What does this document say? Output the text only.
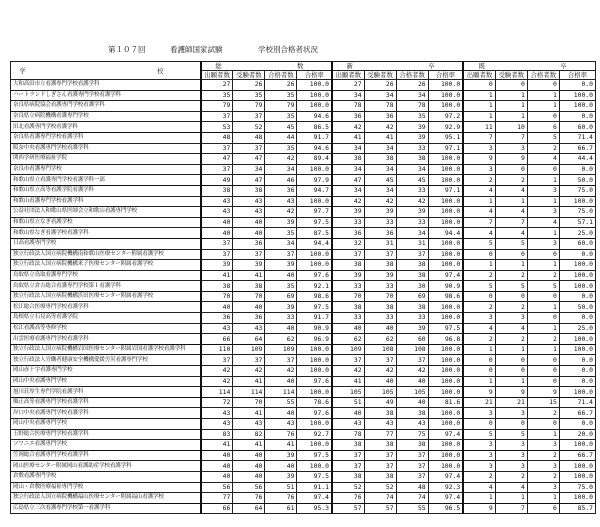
第１０７回	看護師国家試験	学校別合格者状況
学　　　校	総　　　数				新　　　卒				既　　　卒			
	出願者数	受験者数	合格者数	合格率	出願者数	受験者数	合格者数	合格率	出願者数	受験者数	合格者数	合格率
大和高田市立看護専門学校看護学科	27	26	26	100.0	27	26	26	100.0	0	0	0	0.0
ハートランドしぎさん看護専門学校看護学科	35	35	35	100.0	34	34	34	100.0	1	1	1	100.0
奈良県病院協会看護専門学校看護学科	79	79	79	100.0	78	78	78	100.0	1	1	1	100.0
奈良県立病院機構看護専門学校	37	37	35	94.6	36	36	35	97.2	1	1	0	0.0
田北看護専門学校看護学科	53	52	45	86.5	42	42	39	92.9	11	10	6	60.0
奈良県看護専門学校看護学科	48	48	44	91.7	41	41	39	95.1	7	7	5	71.4
阪奈中央看護専門学校看護学科	37	37	35	94.6	34	34	33	97.1	3	3	2	66.7
関西学研医療福祉学院	47	47	42	89.4	38	38	38	100.0	9	9	4	44.4
奈良市看護専門学校	37	34	34	100.0	34	34	34	100.0	3	0	0	0.0
和歌山県立看護専門学校看護学科一部	49	47	46	97.9	47	45	45	100.0	2	2	1	50.0
和歌山県立高等看護学院看護学科	38	38	36	94.7	34	34	33	97.1	4	4	3	75.0
和歌山看護専門学校看護学科	43	43	43	100.0	42	42	42	100.0	1	1	1	100.0
公益社団法人和歌山県医師会立和歌山看護専門学校	43	43	42	97.7	39	39	39	100.0	4	4	3	75.0
和歌山県立なぎ看護学校	40	40	39	97.5	33	33	33	100.0	7	7	4	57.1
和歌山県なぎ看護学校看護学科	40	40	35	87.5	36	36	34	94.4	4	4	1	25.0
日高看護専門学校	37	36	34	94.4	32	31	31	100.0	5	5	3	60.0
独立行政法人国立病院機構南和歌山医療センター附属看護学校	37	37	37	100.0	37	37	37	100.0	0	0	0	0.0
独立行政法人国立病院機構米子医療センター附属看護学校	39	39	39	100.0	38	38	38	100.0	1	1	1	100.0
鳥取県立鳥取看護専門学校	41	41	40	97.6	39	39	38	97.4	2	2	2	100.0
鳥取県立倉吉総合看護専門学校第１看護学科	38	38	35	92.1	33	33	30	90.9	5	5	5	100.0
独立行政法人国立病院機構浜田医療センター附属看護学校	70	70	69	98.6	70	70	69	98.6	0	0	0	0.0
松江総合医療専門学校看護学科	40	40	39	97.5	38	38	38	100.0	2	2	1	50.0
島根県立石見高等看護学院	36	36	33	91.7	33	33	33	100.0	3	3	0	0.0
松江看護高等専修学校	43	43	40	90.9	40	40	39	97.5	4	4	1	25.0
出雲医療看護専門学校看護学科	66	64	62	96.9	62	62	60	96.8	2	2	2	100.0
独立行政法人国立病院機構岩国医療センター附属岩国看護学校看護学科	110	109	109	100.0	109	108	108	100.0	1	1	1	100.0
独立行政法人労働者健康安全機構愛媛労災看護専門学校	37	37	37	100.0	37	37	37	100.0	0	0	0	0.0
岡山赤十字看護専門学校	42	42	42	100.0	42	42	42	100.0	0	0	0	0.0
岡山中央看護専門学校	42	41	40	97.6	41	40	40	100.0	1	1	0	0.0
旭川荘厚生専門学院看護学科	114	114	114	100.0	105	105	105	100.0	9	9	9	100.0
順正高等看護専門学校看護学科	72	70	55	78.6	51	49	40	81.6	21	21	15	71.4
岸口中央看護専門学校看護学科	43	41	40	97.6	40	38	38	100.0	3	3	2	66.7
岡山中央看護専門学校	43	43	43	100.0	43	43	43	100.0	0	0	0	0.0
玉野総合医療専門学校看護学科	83	82	76	92.7	78	77	75	97.4	5	5	1	20.0
ソワニエ看護専門学校	41	41	41	100.0	38	38	38	100.0	3	3	3	100.0
笠岡総合看護専門学校看護学科	40	40	39	97.5	37	37	37	100.0	3	3	2	66.7
岡山医療センター附属岡山看護助産学校看護学科	40	40	40	100.0	37	37	37	100.0	3	3	3	100.0
倉敷看護専門学校	40	40	39	97.5	38	38	37	97.4	2	2	2	100.0
岡山・倉敷医療福祉専門学校	56	56	51	91.1	52	52	48	92.3	4	4	3	75.0
独立行政法人国立病院機構福山医療センター附属福山看護学校	77	76	76	97.4	76	74	74	97.4	1	1	1	100.0
広島県立三次看護専門学校第一看護学科	66	64	61	95.3	57	57	55	96.5	9	7	6	85.7
